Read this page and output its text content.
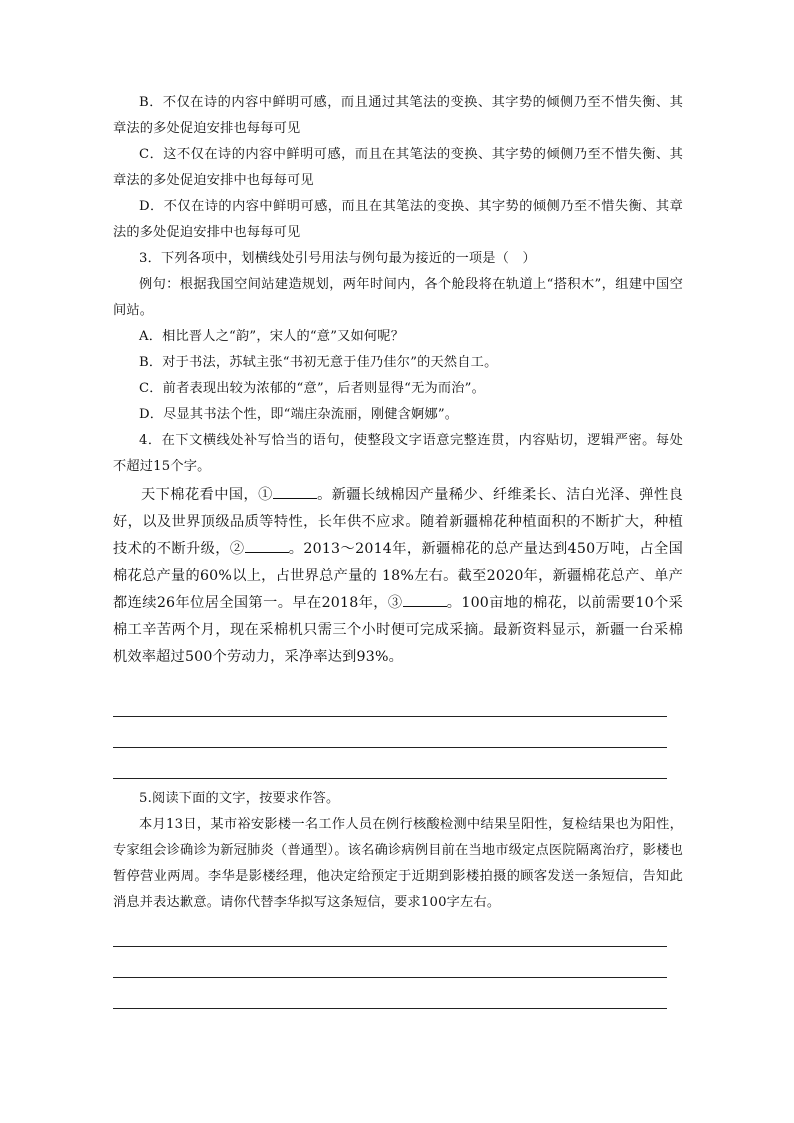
B．不仅在诗的内容中鲜明可感，而且通过其笔法的变换、其字势的倾侧乃至不惜失衡、其章法的多处促迫安排也每每可见

C．这不仅在诗的内容中鲜明可感，而且在其笔法的变换、其字势的倾侧乃至不惜失衡、其章法的多处促迫安排中也每每可见

D．不仅在诗的内容中鲜明可感，而且在其笔法的变换、其字势的倾侧乃至不惜失衡、其章法的多处促迫安排中也每每可见

3．下列各项中，划横线处引号用法与例句最为接近的一项是（　）

例句：根据我国空间站建造规划，两年时间内，各个舱段将在轨道上“搭积木”，组建中国空间站。

A．相比晋人之“韵”，宋人的“意”又如何呢？

B．对于书法，苏轼主张“书初无意于佳乃佳尔”的天然自工。

C．前者表现出较为浓郁的“意”，后者则显得“无为而治”。

D．尽显其书法个性，即“端庄杂流丽，刚健含婀娜”。

4．在下文横线处补写恰当的语句，使整段文字语意完整连贯，内容贴切，逻辑严密。每处不超过15个字。

天下棉花看中国，①	。新疆长绒棉因产量稀少、纤维柔长、洁白光泽、弹性良好，以及世界顶级品质等特性，长年供不应求。随着新疆棉花种植面积的不断扩大，种植技术的不断升级，②	。2013～2014年，新疆棉花的总产量达到450万吨，占全国棉花总产量的60%以上，占世界总产量的 18%左右。截至2020年，新疆棉花总产、单产都连续26年位居全国第一。早在2018年，③	。100亩地的棉花，以前需要10个采棉工辛苦两个月，现在采棉机只需三个小时便可完成采摘。最新资料显示，新疆一台采棉机效率超过500个劳动力，采净率达到93%。

5.阅读下面的文字，按要求作答。

本月13日，某市裕安影楼一名工作人员在例行核酸检测中结果呈阳性，复检结果也为阳性，专家组会诊确诊为新冠肺炎（普通型）。该名确诊病例目前在当地市级定点医院隔离治疗，影楼也暂停营业两周。李华是影楼经理，他决定给预定于近期到影楼拍摄的顾客发送一条短信，告知此消息并表达歉意。请你代替李华拟写这条短信，要求100字左右。
